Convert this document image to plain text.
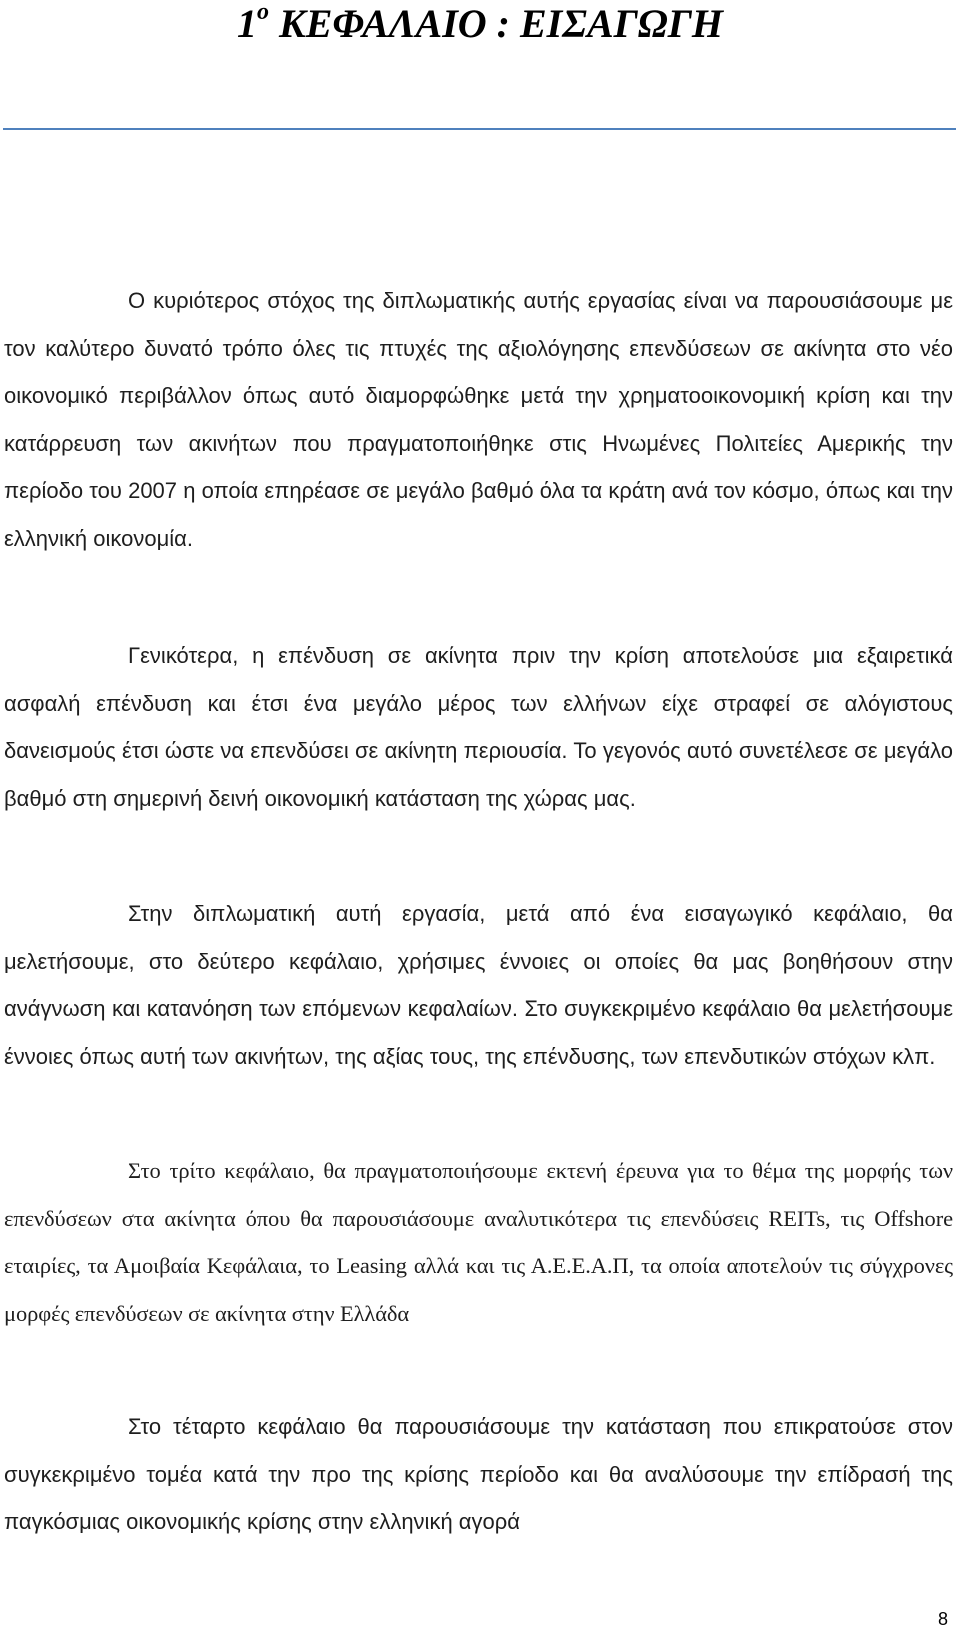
$1^o$ ΚΕΦΑΛΑΙΟ : ΕΙΣΑΓΩΓΗ

Ο κυριότερος στόχος της διπλωματικής αυτής εργασίας είναι να παρουσιάσουμε με τον καλύτερο δυνατό τρόπο όλες τις πτυχές της αξιολόγησης επενδύσεων σε ακίνητα στο νέο οικονομικό περιβάλλον όπως αυτό διαμορφώθηκε μετά την χρηματοοικονομική κρίση και την κατάρρευση των ακινήτων που πραγματοποιήθηκε στις Ηνωμένες Πολιτείες Αμερικής την περίοδο του 2007 η οποία επηρέασε σε μεγάλο βαθμό όλα τα κράτη ανά τον κόσμο, όπως και την ελληνική οικονομία.

Γενικότερα, η επένδυση σε ακίνητα πριν την κρίση αποτελούσε μια εξαιρετικά ασφαλή επένδυση και έτσι ένα μεγάλο μέρος των ελλήνων είχε στραφεί σε αλόγιστους δανεισμούς έτσι ώστε να επενδύσει σε ακίνητη περιουσία. Το γεγονός αυτό συνετέλεσε σε μεγάλο βαθμό στη σημερινή δεινή οικονομική κατάσταση της χώρας μας.

Στην διπλωματική αυτή εργασία, μετά από ένα εισαγωγικό κεφάλαιο, θα μελετήσουμε, στο δεύτερο κεφάλαιο, χρήσιμες έννοιες οι οποίες θα μας βοηθήσουν στην ανάγνωση και κατανόηση των επόμενων κεφαλαίων. Στο συγκεκριμένο κεφάλαιο θα μελετήσουμε έννοιες όπως αυτή των ακινήτων, της αξίας τους, της επένδυσης, των επενδυτικών στόχων κλπ.

Στο τρίτο κεφάλαιο, θα πραγματοποιήσουμε εκτενή έρευνα για το θέμα της μορφής των επενδύσεων στα ακίνητα όπου θα παρουσιάσουμε αναλυτικότερα τις επενδύσεις REITs, τις Offshore εταιρίες, τα Αμοιβαία Κεφάλαια, το Leasing αλλά και τις Α.Ε.Ε.Α.Π, τα οποία αποτελούν τις σύγχρονες μορφές επενδύσεων σε ακίνητα στην Ελλάδα

Στο τέταρτο κεφάλαιο θα παρουσιάσουμε την κατάσταση που επικρατούσε στον συγκεκριμένο τομέα κατά την προ της κρίσης περίοδο και θα αναλύσουμε την επίδρασή της παγκόσμιας οικονομικής κρίσης στην ελληνική αγορά

8
